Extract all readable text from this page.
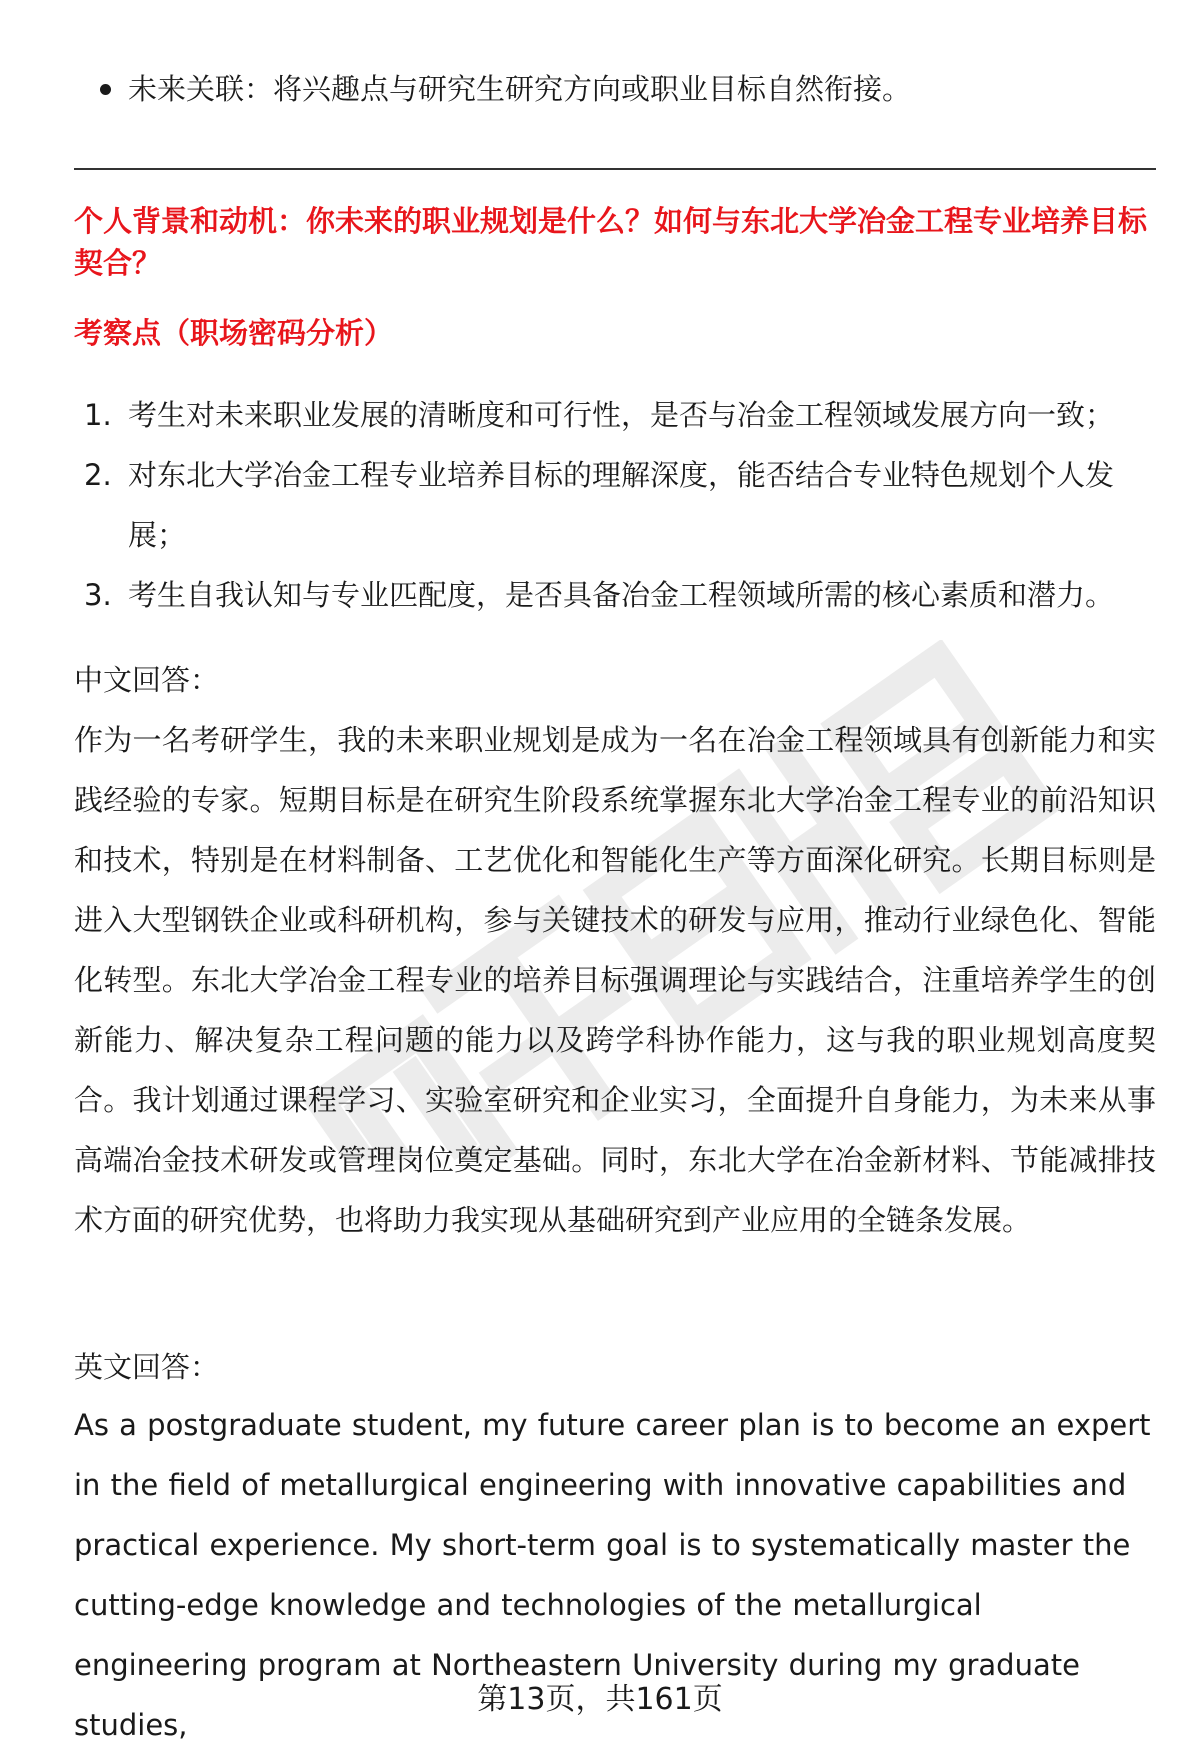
未来关联：将兴趣点与研究生研究方向或职业目标自然衔接。
个人背景和动机：你未来的职业规划是什么？如何与东北大学冶金工程专业培养目标契合？
考察点（职场密码分析）
1. 考生对未来职业发展的清晰度和可行性，是否与冶金工程领域发展方向一致；
2. 对东北大学冶金工程专业培养目标的理解深度，能否结合专业特色规划个人发展；
3. 考生自我认知与专业匹配度，是否具备冶金工程领域所需的核心素质和潜力。

中文回答：

作为一名考研学生，我的未来职业规划是成为一名在冶金工程领域具有创新能力和实践经验的专家。短期目标是在研究生阶段系统掌握东北大学冶金工程专业的前沿知识和技术，特别是在材料制备、工艺优化和智能化生产等方面深化研究。长期目标则是进入大型钢铁企业或科研机构，参与关键技术的研发与应用，推动行业绿色化、智能化转型。东北大学冶金工程专业的培养目标强调理论与实践结合，注重培养学生的创新能力、解决复杂工程问题的能力以及跨学科协作能力，这与我的职业规划高度契合。我计划通过课程学习、实验室研究和企业实习，全面提升自身能力，为未来从事高端冶金技术研发或管理岗位奠定基础。同时，东北大学在冶金新材料、节能减排技术方面的研究优势，也将助力我实现从基础研究到产业应用的全链条发展。

英文回答：

As a postgraduate student, my future career plan is to become an expert in the field of metallurgical engineering with innovative capabilities and practical experience. My short-term goal is to systematically master the cutting-edge knowledge and technologies of the metallurgical engineering program at Northeastern University during my graduate studies,

第13页，共161页
